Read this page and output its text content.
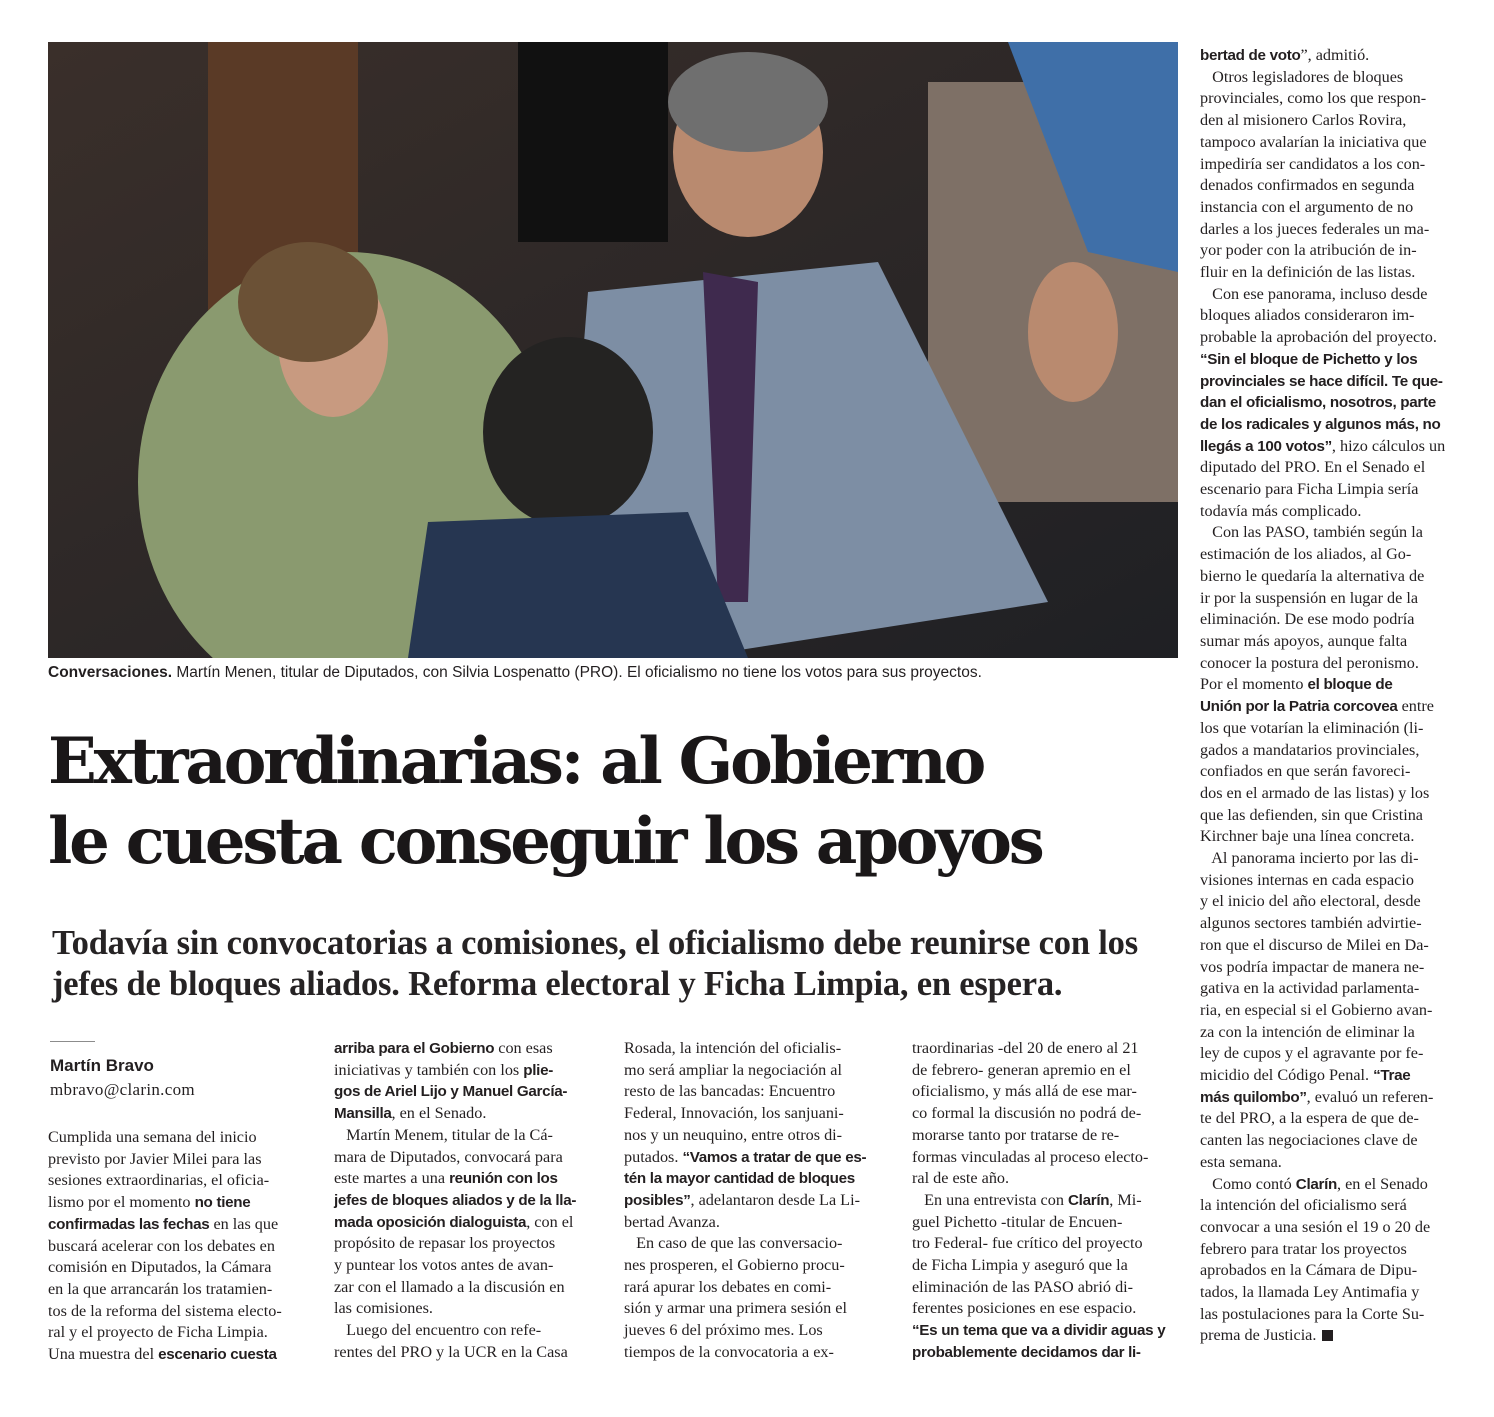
Conversaciones. Martín Menen, titular de Diputados, con Silvia Lospenatto (PRO). El oficialismo no tiene los votos para sus proyectos.
Extraordinarias: al Gobierno
le cuesta conseguir los apoyos
Todavía sin convocatorias a comisiones, el oficialismo debe reunirse con los
jefes de bloques aliados. Reforma electoral y Ficha Limpia, en espera.
Martín Bravo
mbravo@clarin.com
Cumplida una semana del inicio
previsto por Javier Milei para las
sesiones extraordinarias, el oficia-
lismo por el momento no tiene
confirmadas las fechas en las que
buscará acelerar con los debates en
comisión en Diputados, la Cámara
en la que arrancarán los tratamien-
tos de la reforma del sistema electo-
ral y el proyecto de Ficha Limpia.
Una muestra del escenario cuesta
arriba para el Gobierno con esas
iniciativas y también con los plie-
gos de Ariel Lijo y Manuel García-
Mansilla, en el Senado.
Martín Menem, titular de la Cá-
mara de Diputados, convocará para
este martes a una reunión con los
jefes de bloques aliados y de la lla-
mada oposición dialoguista, con el
propósito de repasar los proyectos
y puntear los votos antes de avan-
zar con el llamado a la discusión en
las comisiones.
Luego del encuentro con refe-
rentes del PRO y la UCR en la Casa
Rosada, la intención del oficialis-
mo será ampliar la negociación al
resto de las bancadas: Encuentro
Federal, Innovación, los sanjuani-
nos y un neuquino, entre otros di-
putados. “Vamos a tratar de que es-
tén la mayor cantidad de bloques
posibles”, adelantaron desde La Li-
bertad Avanza.
En caso de que las conversacio-
nes prosperen, el Gobierno procu-
rará apurar los debates en comi-
sión y armar una primera sesión el
jueves 6 del próximo mes. Los
tiempos de la convocatoria a ex-
traordinarias -del 20 de enero al 21
de febrero- generan apremio en el
oficialismo, y más allá de ese mar-
co formal la discusión no podrá de-
morarse tanto por tratarse de re-
formas vinculadas al proceso electo-
ral de este año.
En una entrevista con Clarín, Mi-
guel Pichetto -titular de Encuen-
tro Federal- fue crítico del proyecto
de Ficha Limpia y aseguró que la
eliminación de las PASO abrió di-
ferentes posiciones en ese espacio.
“Es un tema que va a dividir aguas y
probablemente decidamos dar li-
bertad de voto”, admitió.
Otros legisladores de bloques
provinciales, como los que respon-
den al misionero Carlos Rovira,
tampoco avalarían la iniciativa que
impediría ser candidatos a los con-
denados confirmados en segunda
instancia con el argumento de no
darles a los jueces federales un ma-
yor poder con la atribución de in-
fluir en la definición de las listas.
Con ese panorama, incluso desde
bloques aliados consideraron im-
probable la aprobación del proyecto.
“Sin el bloque de Pichetto y los
provinciales se hace difícil. Te que-
dan el oficialismo, nosotros, parte
de los radicales y algunos más, no
llegás a 100 votos”, hizo cálculos un
diputado del PRO. En el Senado el
escenario para Ficha Limpia sería
todavía más complicado.
Con las PASO, también según la
estimación de los aliados, al Go-
bierno le quedaría la alternativa de
ir por la suspensión en lugar de la
eliminación. De ese modo podría
sumar más apoyos, aunque falta
conocer la postura del peronismo.
Por el momento el bloque de
Unión por la Patria corcovea entre
los que votarían la eliminación (li-
gados a mandatarios provinciales,
confiados en que serán favoreci-
dos en el armado de las listas) y los
que las defienden, sin que Cristina
Kirchner baje una línea concreta.
Al panorama incierto por las di-
visiones internas en cada espacio
y el inicio del año electoral, desde
algunos sectores también advirtie-
ron que el discurso de Milei en Da-
vos podría impactar de manera ne-
gativa en la actividad parlamenta-
ria, en especial si el Gobierno avan-
za con la intención de eliminar la
ley de cupos y el agravante por fe-
micidio del Código Penal. “Trae
más quilombo”, evaluó un referen-
te del PRO, a la espera de que de-
canten las negociaciones clave de
esta semana.
Como contó Clarín, en el Senado
la intención del oficialismo será
convocar a una sesión el 19 o 20 de
febrero para tratar los proyectos
aprobados en la Cámara de Dipu-
tados, la llamada Ley Antimafia y
las postulaciones para la Corte Su-
prema de Justicia.
